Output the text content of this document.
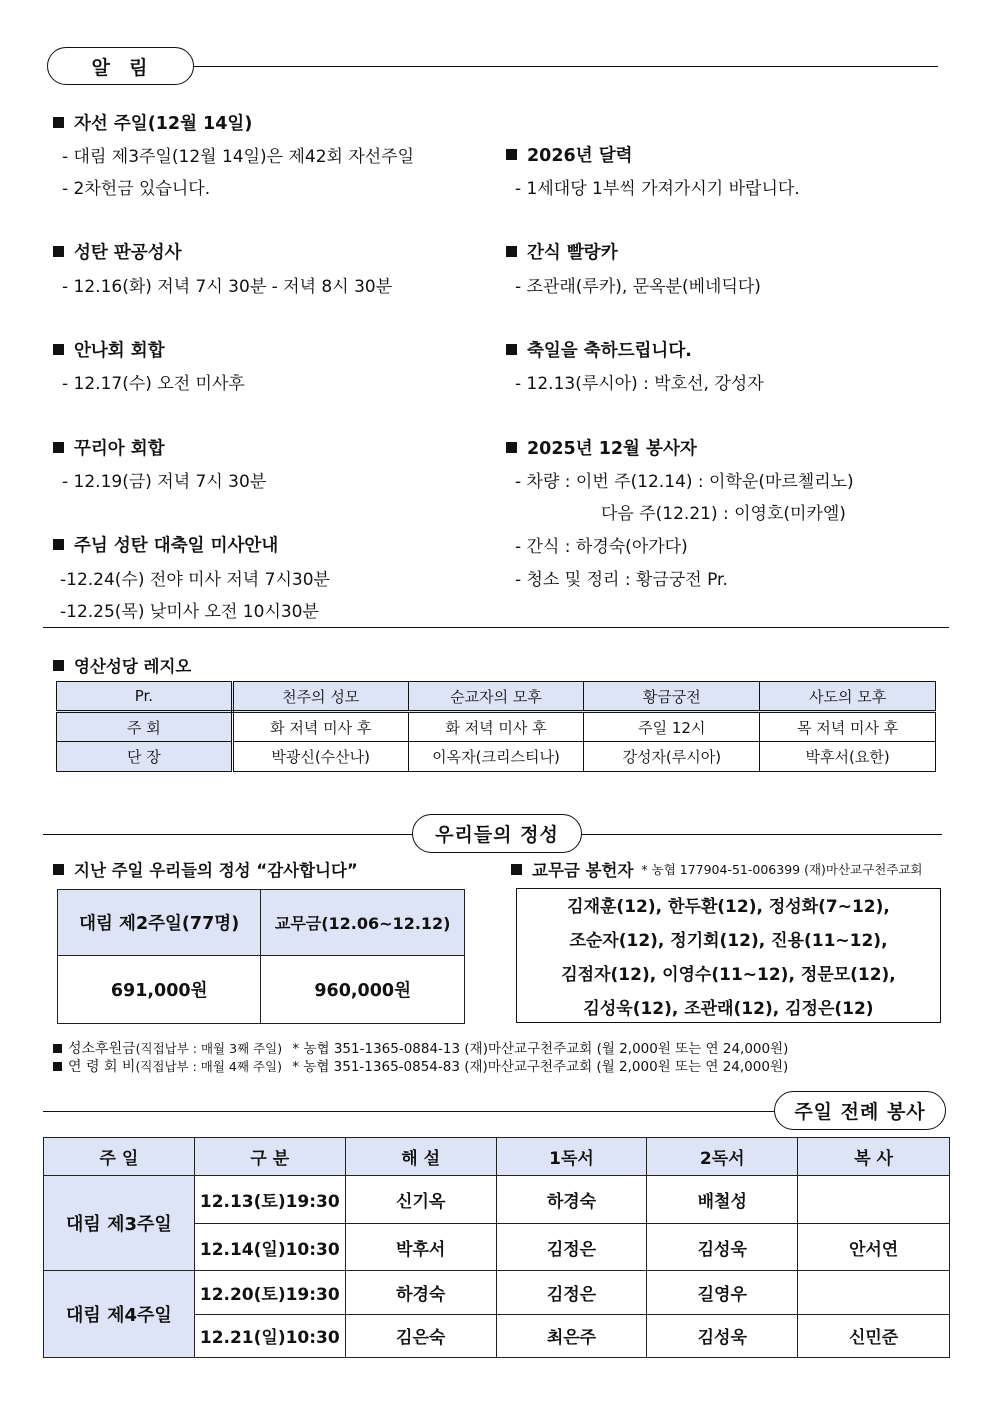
알  림
자선 주일(12월 14일)
- 대림 제3주일(12월 14일)은 제42회 자선주일
- 2차헌금 있습니다.
성탄 판공성사
- 12.16(화) 저녁 7시 30분 - 저녁 8시 30분
안나회 회합
- 12.17(수) 오전 미사후
꾸리아 회합
- 12.19(금) 저녁 7시 30분
주님 성탄 대축일 미사안내
-12.24(수) 전야 미사 저녁 7시30분
-12.25(목) 낮미사 오전 10시30분
2026년 달력
- 1세대당 1부씩 가져가시기 바랍니다.
간식 빨랑카
- 조관래(루카), 문옥분(베네딕다)
축일을 축하드립니다.
- 12.13(루시아) : 박호선, 강성자
2025년 12월 봉사자
- 차량 : 이번 주(12.14) : 이학운(마르첼리노)
다음 주(12.21) : 이영호(미카엘)
- 간식 : 하경숙(아가다)
- 청소 및 정리 : 황금궁전 Pr.
영산성당 레지오
Pr.	천주의 성모	순교자의 모후	황금궁전	사도의 모후
주 회	화 저녁 미사 후	화 저녁 미사 후	주일 12시	목 저녁 미사 후
단 장	박광신(수산나)	이옥자(크리스티나)	강성자(루시아)	박후서(요한)
우리들의 정성
지난 주일 우리들의 정성 “감사합니다”
대림 제2주일(77명)	교무금(12.06~12.12)
691,000원	960,000원
교무금 봉헌자 * 농협 177904-51-006399 (재)마산교구천주교회
김재훈(12), 한두환(12), 정성화(7~12),
조순자(12), 정기회(12), 진용(11~12),
김점자(12), 이영수(11~12), 정문모(12),
김성욱(12), 조관래(12), 김정은(12)
성소후원금(직접납부 : 매월 3째 주일) * 농협 351-1365-0884-13 (재)마산교구천주교회 (월 2,000원 또는 연 24,000원)
연 령 회 비(직접납부 : 매월 4째 주일) * 농협 351-1365-0854-83 (재)마산교구천주교회 (월 2,000원 또는 연 24,000원)
주일 전례 봉사
주 일	구 분	해 설	1독서	2독서	복 사
대림 제3주일	12.13(토)19:30	신기옥	하경숙	배철성	
	12.14(일)10:30	박후서	김정은	김성욱	안서연
대림 제4주일	12.20(토)19:30	하경숙	김정은	길영우	
	12.21(일)10:30	김은숙	최은주	김성욱	신민준
